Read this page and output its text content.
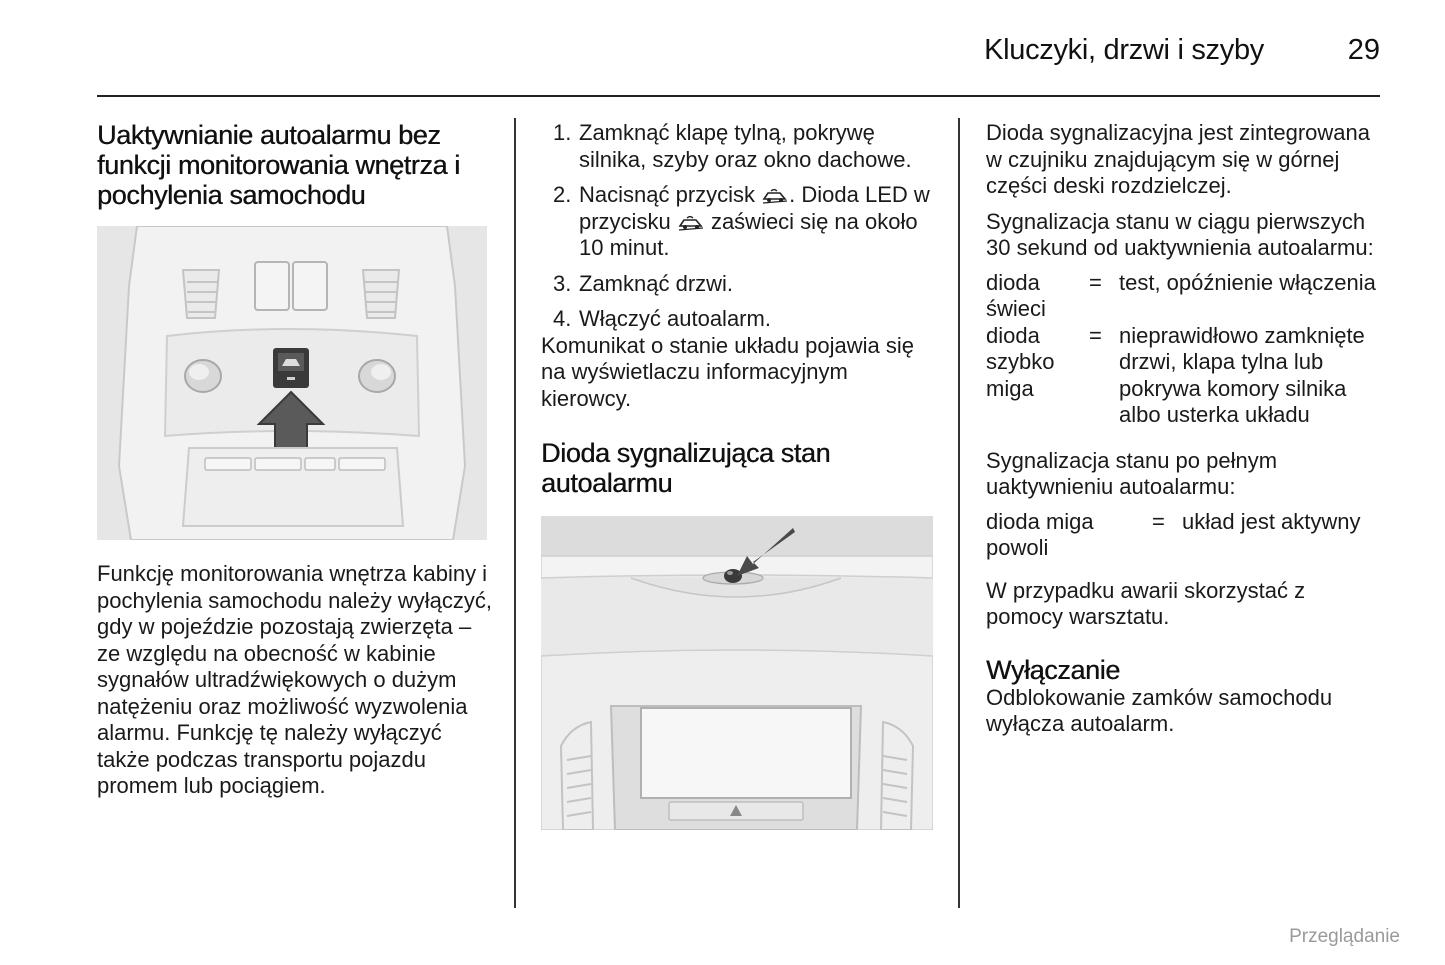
Kluczyki, drzwi i szyby	29
Uaktywnianie autoalarmu bez funkcji monitorowania wnętrza i pochylenia samochodu

Funkcję monitorowania wnętrza kabiny i pochylenia samochodu należy wyłączyć, gdy w pojeździe pozostają zwierzęta – ze względu na obecność w kabinie sygnałów ultradźwiękowych o dużym natężeniu oraz możliwość wyzwolenia alarmu. Funkcję tę należy wyłączyć także podczas transportu pojazdu promem lub pociągiem.

1. Zamknąć klapę tylną, pokrywę silnika, szyby oraz okno dachowe.
2. Nacisnąć przycisk . Dioda LED w przycisku zaświeci się na około 10 minut.
3. Zamknąć drzwi.
4. Włączyć autoalarm.

Komunikat o stanie układu pojawia się na wyświetlaczu informacyjnym kierowcy.

Dioda sygnalizująca stan autoalarmu

Dioda sygnalizacyjna jest zintegrowana w czujniku znajdującym się w górnej części deski rozdzielczej.

Sygnalizacja stanu w ciągu pierwszych 30 sekund od uaktywnienia autoalarmu:

dioda świeci	=	test, opóźnienie włączenia
dioda szybko miga	=	nieprawidłowo zamknięte drzwi, klapa tylna lub pokrywa komory silnika albo usterka układu

Sygnalizacja stanu po pełnym uaktywnieniu autoalarmu:

dioda miga powoli	=	układ jest aktywny

W przypadku awarii skorzystać z pomocy warsztatu.

Wyłączanie

Odblokowanie zamków samochodu wyłącza autoalarm.

Przeglądanie
